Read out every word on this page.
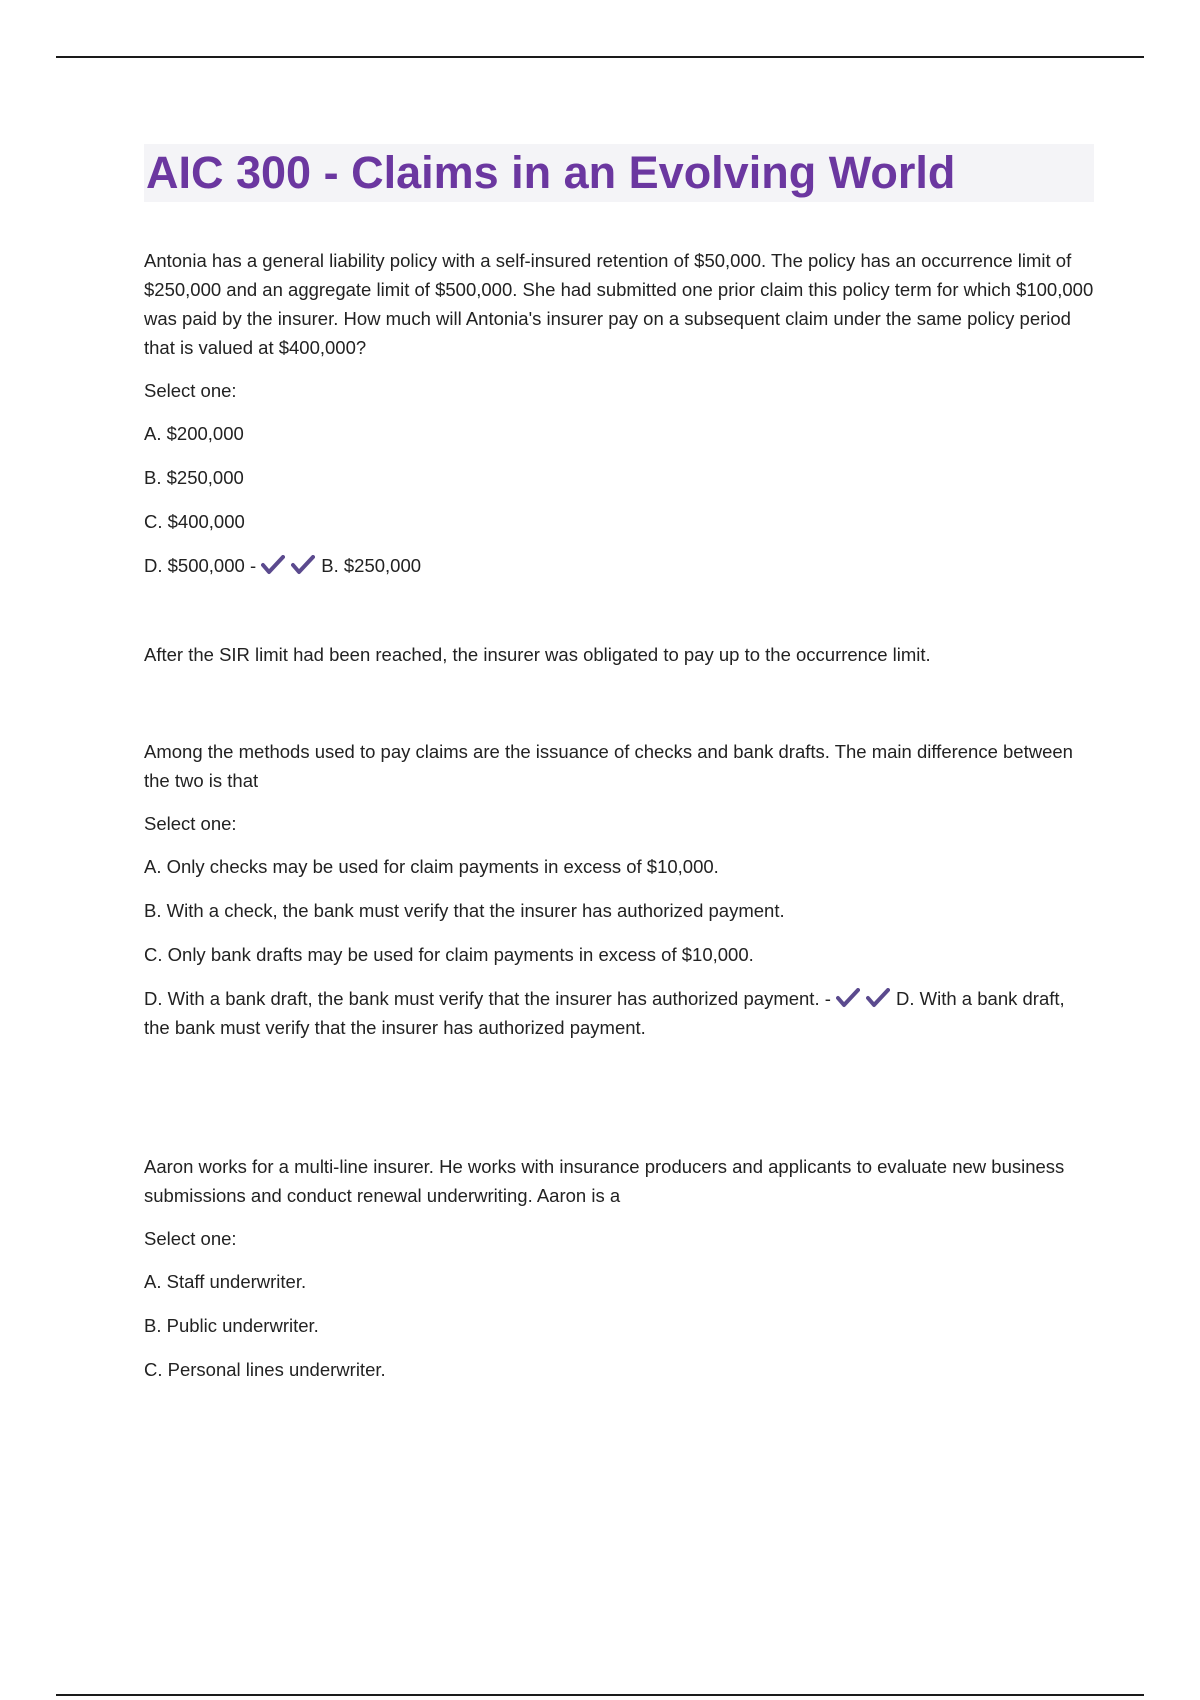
AIC 300 - Claims in an Evolving World

Antonia has a general liability policy with a self-insured retention of $50,000. The policy has an occurrence limit of $250,000 and an aggregate limit of $500,000. She had submitted one prior claim this policy term for which $100,000 was paid by the insurer. How much will Antonia's insurer pay on a subsequent claim under the same policy period that is valued at $400,000?

Select one:

A. $200,000

B. $250,000

C. $400,000

D. $500,000 -	B. $250,000

After the SIR limit had been reached, the insurer was obligated to pay up to the occurrence limit.

Among the methods used to pay claims are the issuance of checks and bank drafts. The main difference between the two is that

Select one:

A. Only checks may be used for claim payments in excess of $10,000.

B. With a check, the bank must verify that the insurer has authorized payment.

C. Only bank drafts may be used for claim payments in excess of $10,000.

D. With a bank draft, the bank must verify that the insurer has authorized payment. -	D. With a bank draft, the bank must verify that the insurer has authorized payment.

Aaron works for a multi-line insurer. He works with insurance producers and applicants to evaluate new business submissions and conduct renewal underwriting. Aaron is a

Select one:

A. Staff underwriter.

B. Public underwriter.

C. Personal lines underwriter.
